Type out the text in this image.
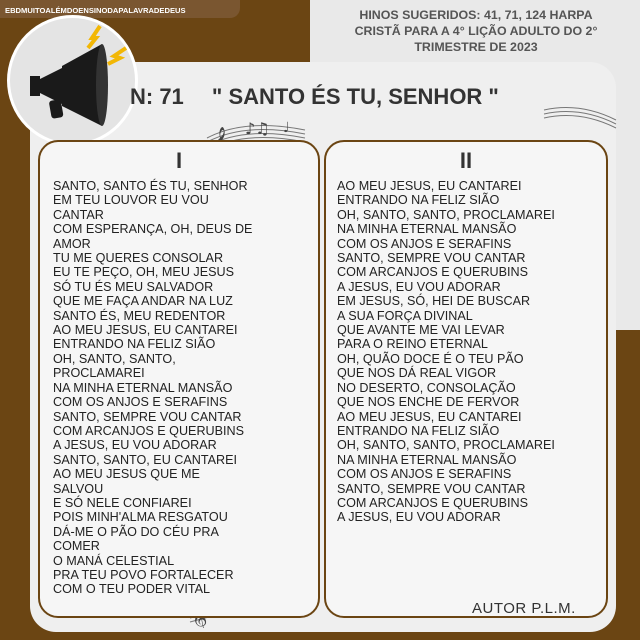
EBDMUITOALÉMDOENSINODAPALAVRADEDEUS	HINOS SUGERIDOS: 41, 71, 124 HARPA
CRISTÃ PARA A 4° LIÇÃO ADULTO DO 2°
TRIMESTRE DE 2023
N: 71 " SANTO ÉS TU, SENHOR "
♪♫ ♩
I
SANTO, SANTO ÉS TU, SENHOR
EM TEU LOUVOR EU VOU
CANTAR
COM ESPERANÇA, OH, DEUS DE
AMOR
TU ME QUERES CONSOLAR
EU TE PEÇO, OH, MEU JESUS
SÓ TU ÉS MEU SALVADOR
QUE ME FAÇA ANDAR NA LUZ
SANTO ÉS, MEU REDENTOR
AO MEU JESUS, EU CANTAREI
ENTRANDO NA FELIZ SIÃO
OH, SANTO, SANTO,
PROCLAMAREI
NA MINHA ETERNAL MANSÃO
COM OS ANJOS E SERAFINS
SANTO, SEMPRE VOU CANTAR
COM ARCANJOS E QUERUBINS
A JESUS, EU VOU ADORAR
SANTO, SANTO, EU CANTAREI
AO MEU JESUS QUE ME
SALVOU
E SÓ NELE CONFIAREI
POIS MINH'ALMA RESGATOU
DÁ-ME O PÃO DO CÉU PRA
COMER
O MANÁ CELESTIAL
PRA TEU POVO FORTALECER
COM O TEU PODER VITAL
II
AO MEU JESUS, EU CANTAREI
ENTRANDO NA FELIZ SIÃO
OH, SANTO, SANTO, PROCLAMAREI
NA MINHA ETERNAL MANSÃO
COM OS ANJOS E SERAFINS
SANTO, SEMPRE VOU CANTAR
COM ARCANJOS E QUERUBINS
A JESUS, EU VOU ADORAR
EM JESUS, SÓ, HEI DE BUSCAR
A SUA FORÇA DIVINAL
QUE AVANTE ME VAI LEVAR
PARA O REINO ETERNAL
OH, QUÃO DOCE É O TEU PÃO
QUE NOS DÁ REAL VIGOR
NO DESERTO, CONSOLAÇÃO
QUE NOS ENCHE DE FERVOR
AO MEU JESUS, EU CANTAREI
ENTRANDO NA FELIZ SIÃO
OH, SANTO, SANTO, PROCLAMAREI
NA MINHA ETERNAL MANSÃO
COM OS ANJOS E SERAFINS
SANTO, SEMPRE VOU CANTAR
COM ARCANJOS E QUERUBINS
A JESUS, EU VOU ADORAR
AUTOR P.L.M.
